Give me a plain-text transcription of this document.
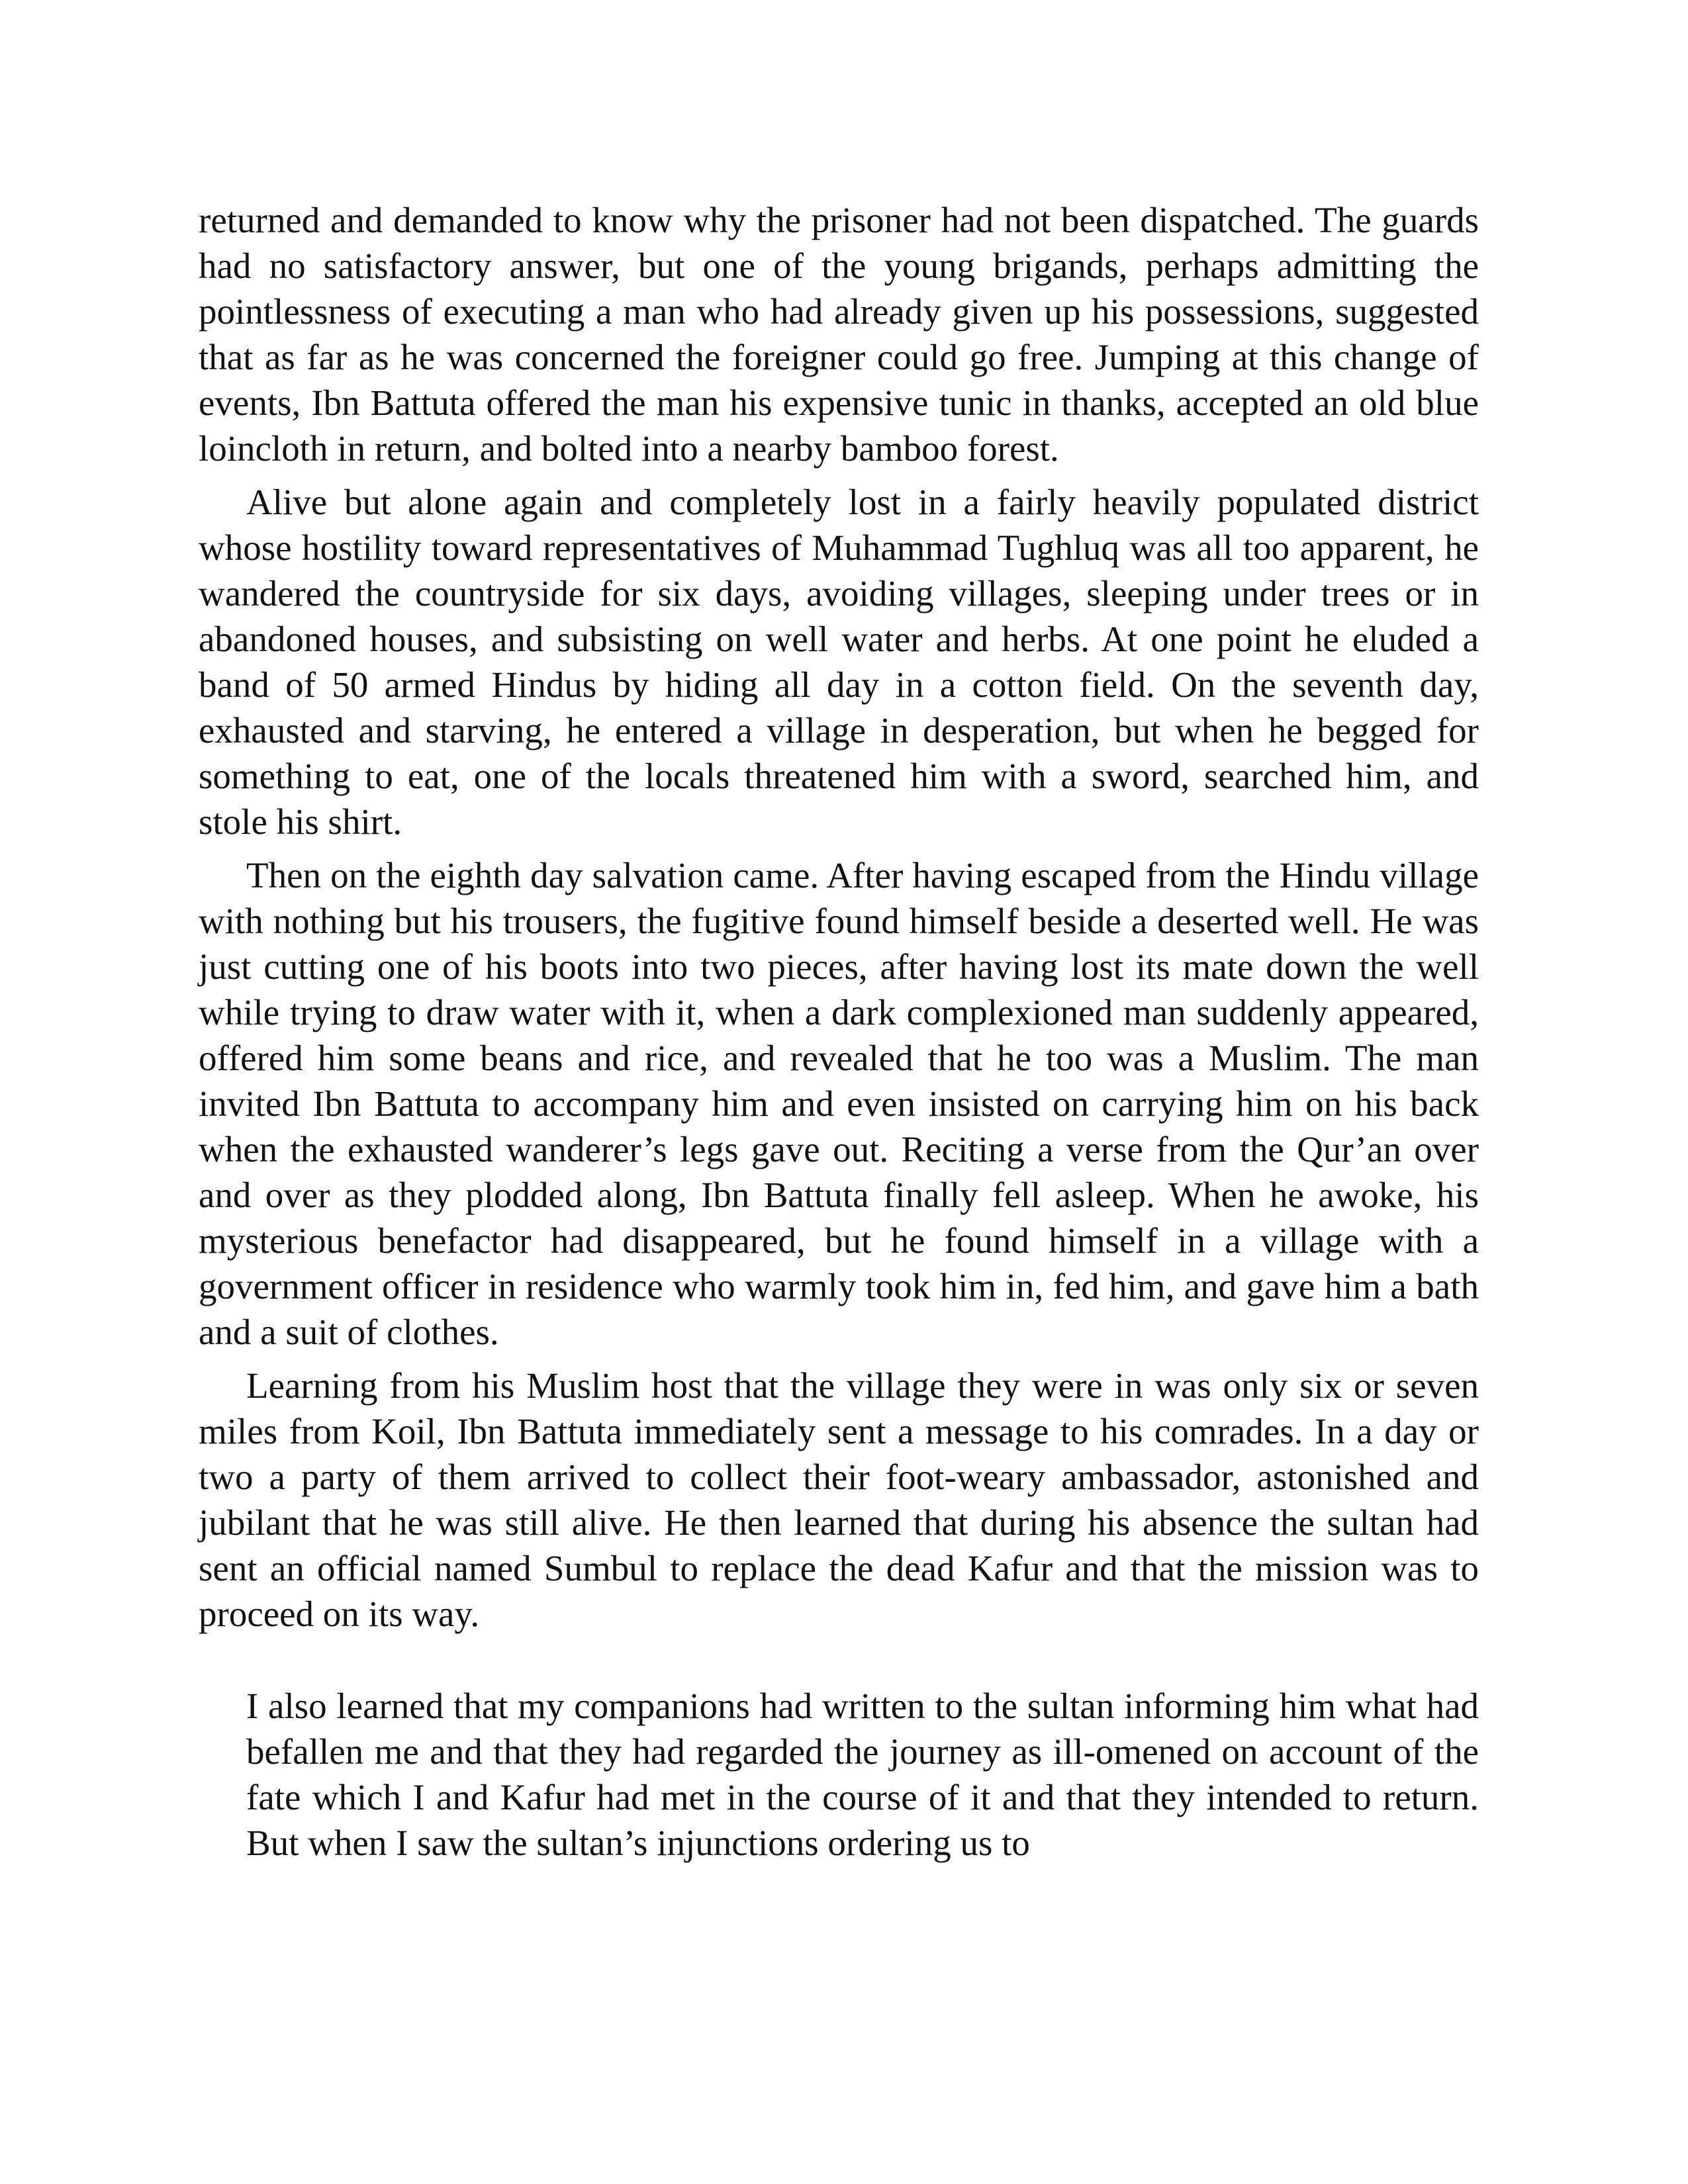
returned and demanded to know why the prisoner had not been dispatched. The guards had no satisfactory answer, but one of the young brigands, perhaps admitting the pointlessness of executing a man who had already given up his possessions, suggested that as far as he was concerned the foreigner could go free. Jumping at this change of events, Ibn Battuta offered the man his expensive tunic in thanks, accepted an old blue loincloth in return, and bolted into a nearby bamboo forest.

Alive but alone again and completely lost in a fairly heavily populated district whose hostility toward representatives of Muhammad Tughluq was all too apparent, he wandered the countryside for six days, avoiding villages, sleeping under trees or in abandoned houses, and subsisting on well water and herbs. At one point he eluded a band of 50 armed Hindus by hiding all day in a cotton field. On the seventh day, exhausted and starving, he entered a village in desperation, but when he begged for something to eat, one of the locals threatened him with a sword, searched him, and stole his shirt.

Then on the eighth day salvation came. After having escaped from the Hindu village with nothing but his trousers, the fugitive found himself beside a deserted well. He was just cutting one of his boots into two pieces, after having lost its mate down the well while trying to draw water with it, when a dark complexioned man suddenly appeared, offered him some beans and rice, and revealed that he too was a Muslim. The man invited Ibn Battuta to accompany him and even insisted on carrying him on his back when the exhausted wanderer’s legs gave out. Reciting a verse from the Qur’an over and over as they plodded along, Ibn Battuta finally fell asleep. When he awoke, his mysterious benefactor had disappeared, but he found himself in a village with a government officer in residence who warmly took him in, fed him, and gave him a bath and a suit of clothes.

Learning from his Muslim host that the village they were in was only six or seven miles from Koil, Ibn Battuta immediately sent a message to his comrades. In a day or two a party of them arrived to collect their foot-weary ambassador, astonished and jubilant that he was still alive. He then learned that during his absence the sultan had sent an official named Sumbul to replace the dead Kafur and that the mission was to proceed on its way.

I also learned that my companions had written to the sultan informing him what had befallen me and that they had regarded the journey as ill-omened on account of the fate which I and Kafur had met in the course of it and that they intended to return. But when I saw the sultan’s injunctions ordering us to
